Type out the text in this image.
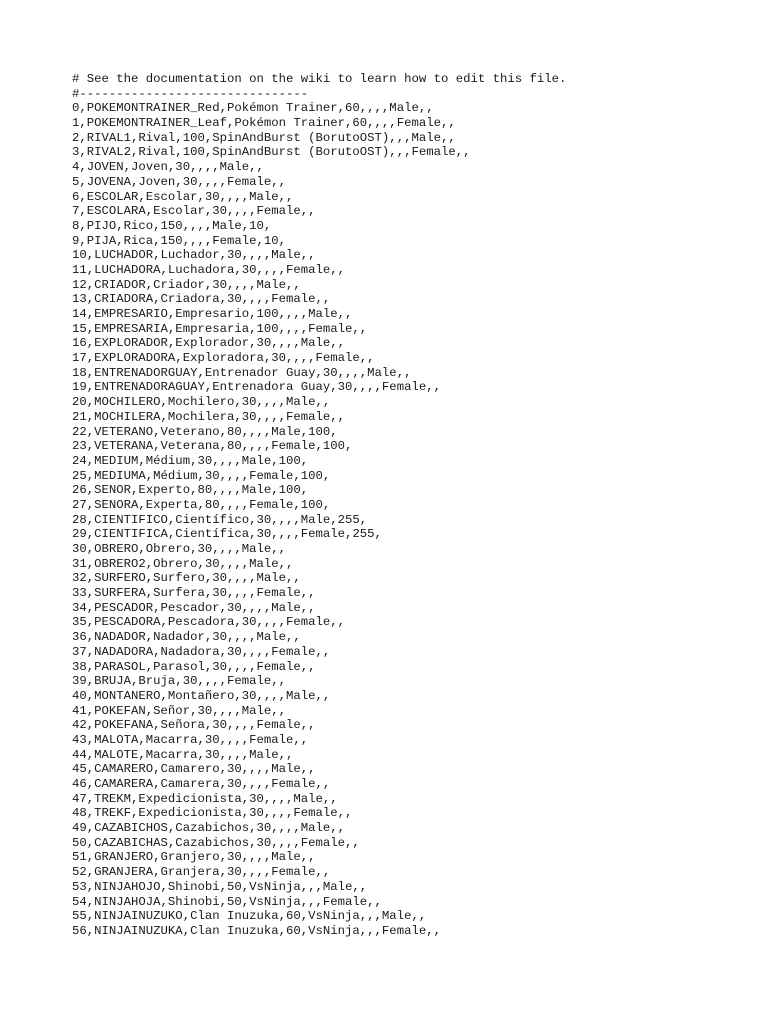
# See the documentation on the wiki to learn how to edit this file.
#-------------------------------
0,POKEMONTRAINER_Red,Pokémon Trainer,60,,,,Male,,
1,POKEMONTRAINER_Leaf,Pokémon Trainer,60,,,,Female,,
2,RIVAL1,Rival,100,SpinAndBurst (BorutoOST),,,Male,,
3,RIVAL2,Rival,100,SpinAndBurst (BorutoOST),,,Female,,
4,JOVEN,Joven,30,,,,Male,,
5,JOVENA,Joven,30,,,,Female,,
6,ESCOLAR,Escolar,30,,,,Male,,
7,ESCOLARA,Escolar,30,,,,Female,,
8,PIJO,Rico,150,,,,Male,10,
9,PIJA,Rica,150,,,,Female,10,
10,LUCHADOR,Luchador,30,,,,Male,,
11,LUCHADORA,Luchadora,30,,,,Female,,
12,CRIADOR,Criador,30,,,,Male,,
13,CRIADORA,Criadora,30,,,,Female,,
14,EMPRESARIO,Empresario,100,,,,Male,,
15,EMPRESARIA,Empresaria,100,,,,Female,,
16,EXPLORADOR,Explorador,30,,,,Male,,
17,EXPLORADORA,Exploradora,30,,,,Female,,
18,ENTRENADORGUAY,Entrenador Guay,30,,,,Male,,
19,ENTRENADORAGUAY,Entrenadora Guay,30,,,,Female,,
20,MOCHILERO,Mochilero,30,,,,Male,,
21,MOCHILERA,Mochilera,30,,,,Female,,
22,VETERANO,Veterano,80,,,,Male,100,
23,VETERANA,Veterana,80,,,,Female,100,
24,MEDIUM,Médium,30,,,,Male,100,
25,MEDIUMA,Médium,30,,,,Female,100,
26,SENOR,Experto,80,,,,Male,100,
27,SENORA,Experta,80,,,,Female,100,
28,CIENTIFICO,Científico,30,,,,Male,255,
29,CIENTIFICA,Científica,30,,,,Female,255,
30,OBRERO,Obrero,30,,,,Male,,
31,OBRERO2,Obrero,30,,,,Male,,
32,SURFERO,Surfero,30,,,,Male,,
33,SURFERA,Surfera,30,,,,Female,,
34,PESCADOR,Pescador,30,,,,Male,,
35,PESCADORA,Pescadora,30,,,,Female,,
36,NADADOR,Nadador,30,,,,Male,,
37,NADADORA,Nadadora,30,,,,Female,,
38,PARASOL,Parasol,30,,,,Female,,
39,BRUJA,Bruja,30,,,,Female,,
40,MONTANERO,Montañero,30,,,,Male,,
41,POKEFAN,Señor,30,,,,Male,,
42,POKEFANA,Señora,30,,,,Female,,
43,MALOTA,Macarra,30,,,,Female,,
44,MALOTE,Macarra,30,,,,Male,,
45,CAMARERO,Camarero,30,,,,Male,,
46,CAMARERA,Camarera,30,,,,Female,,
47,TREKM,Expedicionista,30,,,,Male,,
48,TREKF,Expedicionista,30,,,,Female,,
49,CAZABICHOS,Cazabichos,30,,,,Male,,
50,CAZABICHAS,Cazabichos,30,,,,Female,,
51,GRANJERO,Granjero,30,,,,Male,,
52,GRANJERA,Granjera,30,,,,Female,,
53,NINJAHOJO,Shinobi,50,VsNinja,,,Male,,
54,NINJAHOJA,Shinobi,50,VsNinja,,,Female,,
55,NINJAINUZUKO,Clan Inuzuka,60,VsNinja,,,Male,,
56,NINJAINUZUKA,Clan Inuzuka,60,VsNinja,,,Female,,
